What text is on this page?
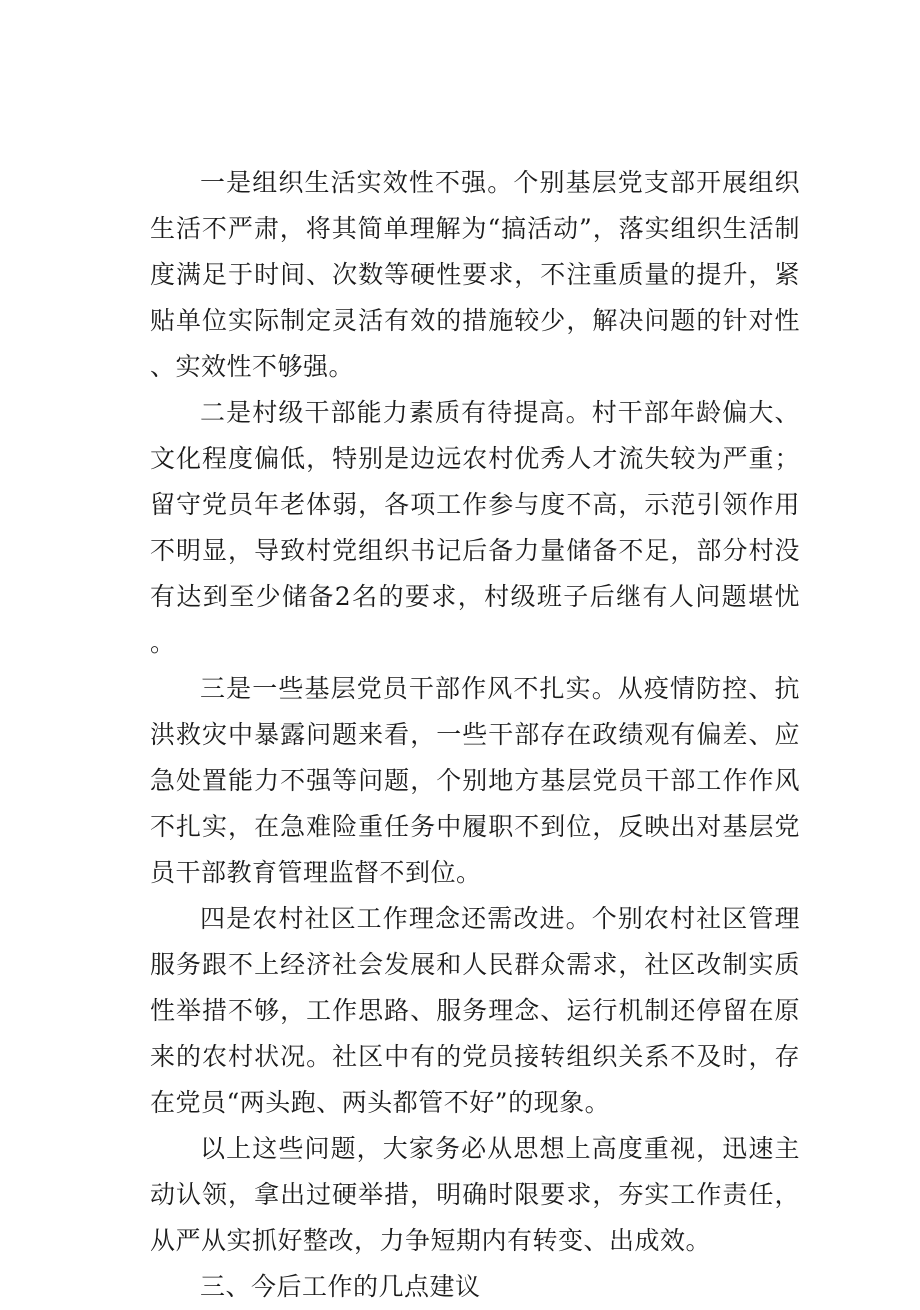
一是组织生活实效性不强。个别基层党支部开展组织生活不严肃，将其简单理解为“搞活动”，落实组织生活制度满足于时间、次数等硬性要求，不注重质量的提升，紧贴单位实际制定灵活有效的措施较少，解决问题的针对性、实效性不够强。

二是村级干部能力素质有待提高。村干部年龄偏大、文化程度偏低，特别是边远农村优秀人才流失较为严重；留守党员年老体弱，各项工作参与度不高，示范引领作用不明显，导致村党组织书记后备力量储备不足，部分村没有达到至少储备2名的要求，村级班子后继有人问题堪忧。

三是一些基层党员干部作风不扎实。从疫情防控、抗洪救灾中暴露问题来看，一些干部存在政绩观有偏差、应急处置能力不强等问题，个别地方基层党员干部工作作风不扎实，在急难险重任务中履职不到位，反映出对基层党员干部教育管理监督不到位。

四是农村社区工作理念还需改进。个别农村社区管理服务跟不上经济社会发展和人民群众需求，社区改制实质性举措不够，工作思路、服务理念、运行机制还停留在原来的农村状况。社区中有的党员接转组织关系不及时，存在党员“两头跑、两头都管不好”的现象。

以上这些问题，大家务必从思想上高度重视，迅速主动认领，拿出过硬举措，明确时限要求，夯实工作责任，从严从实抓好整改，力争短期内有转变、出成效。

三、今后工作的几点建议
